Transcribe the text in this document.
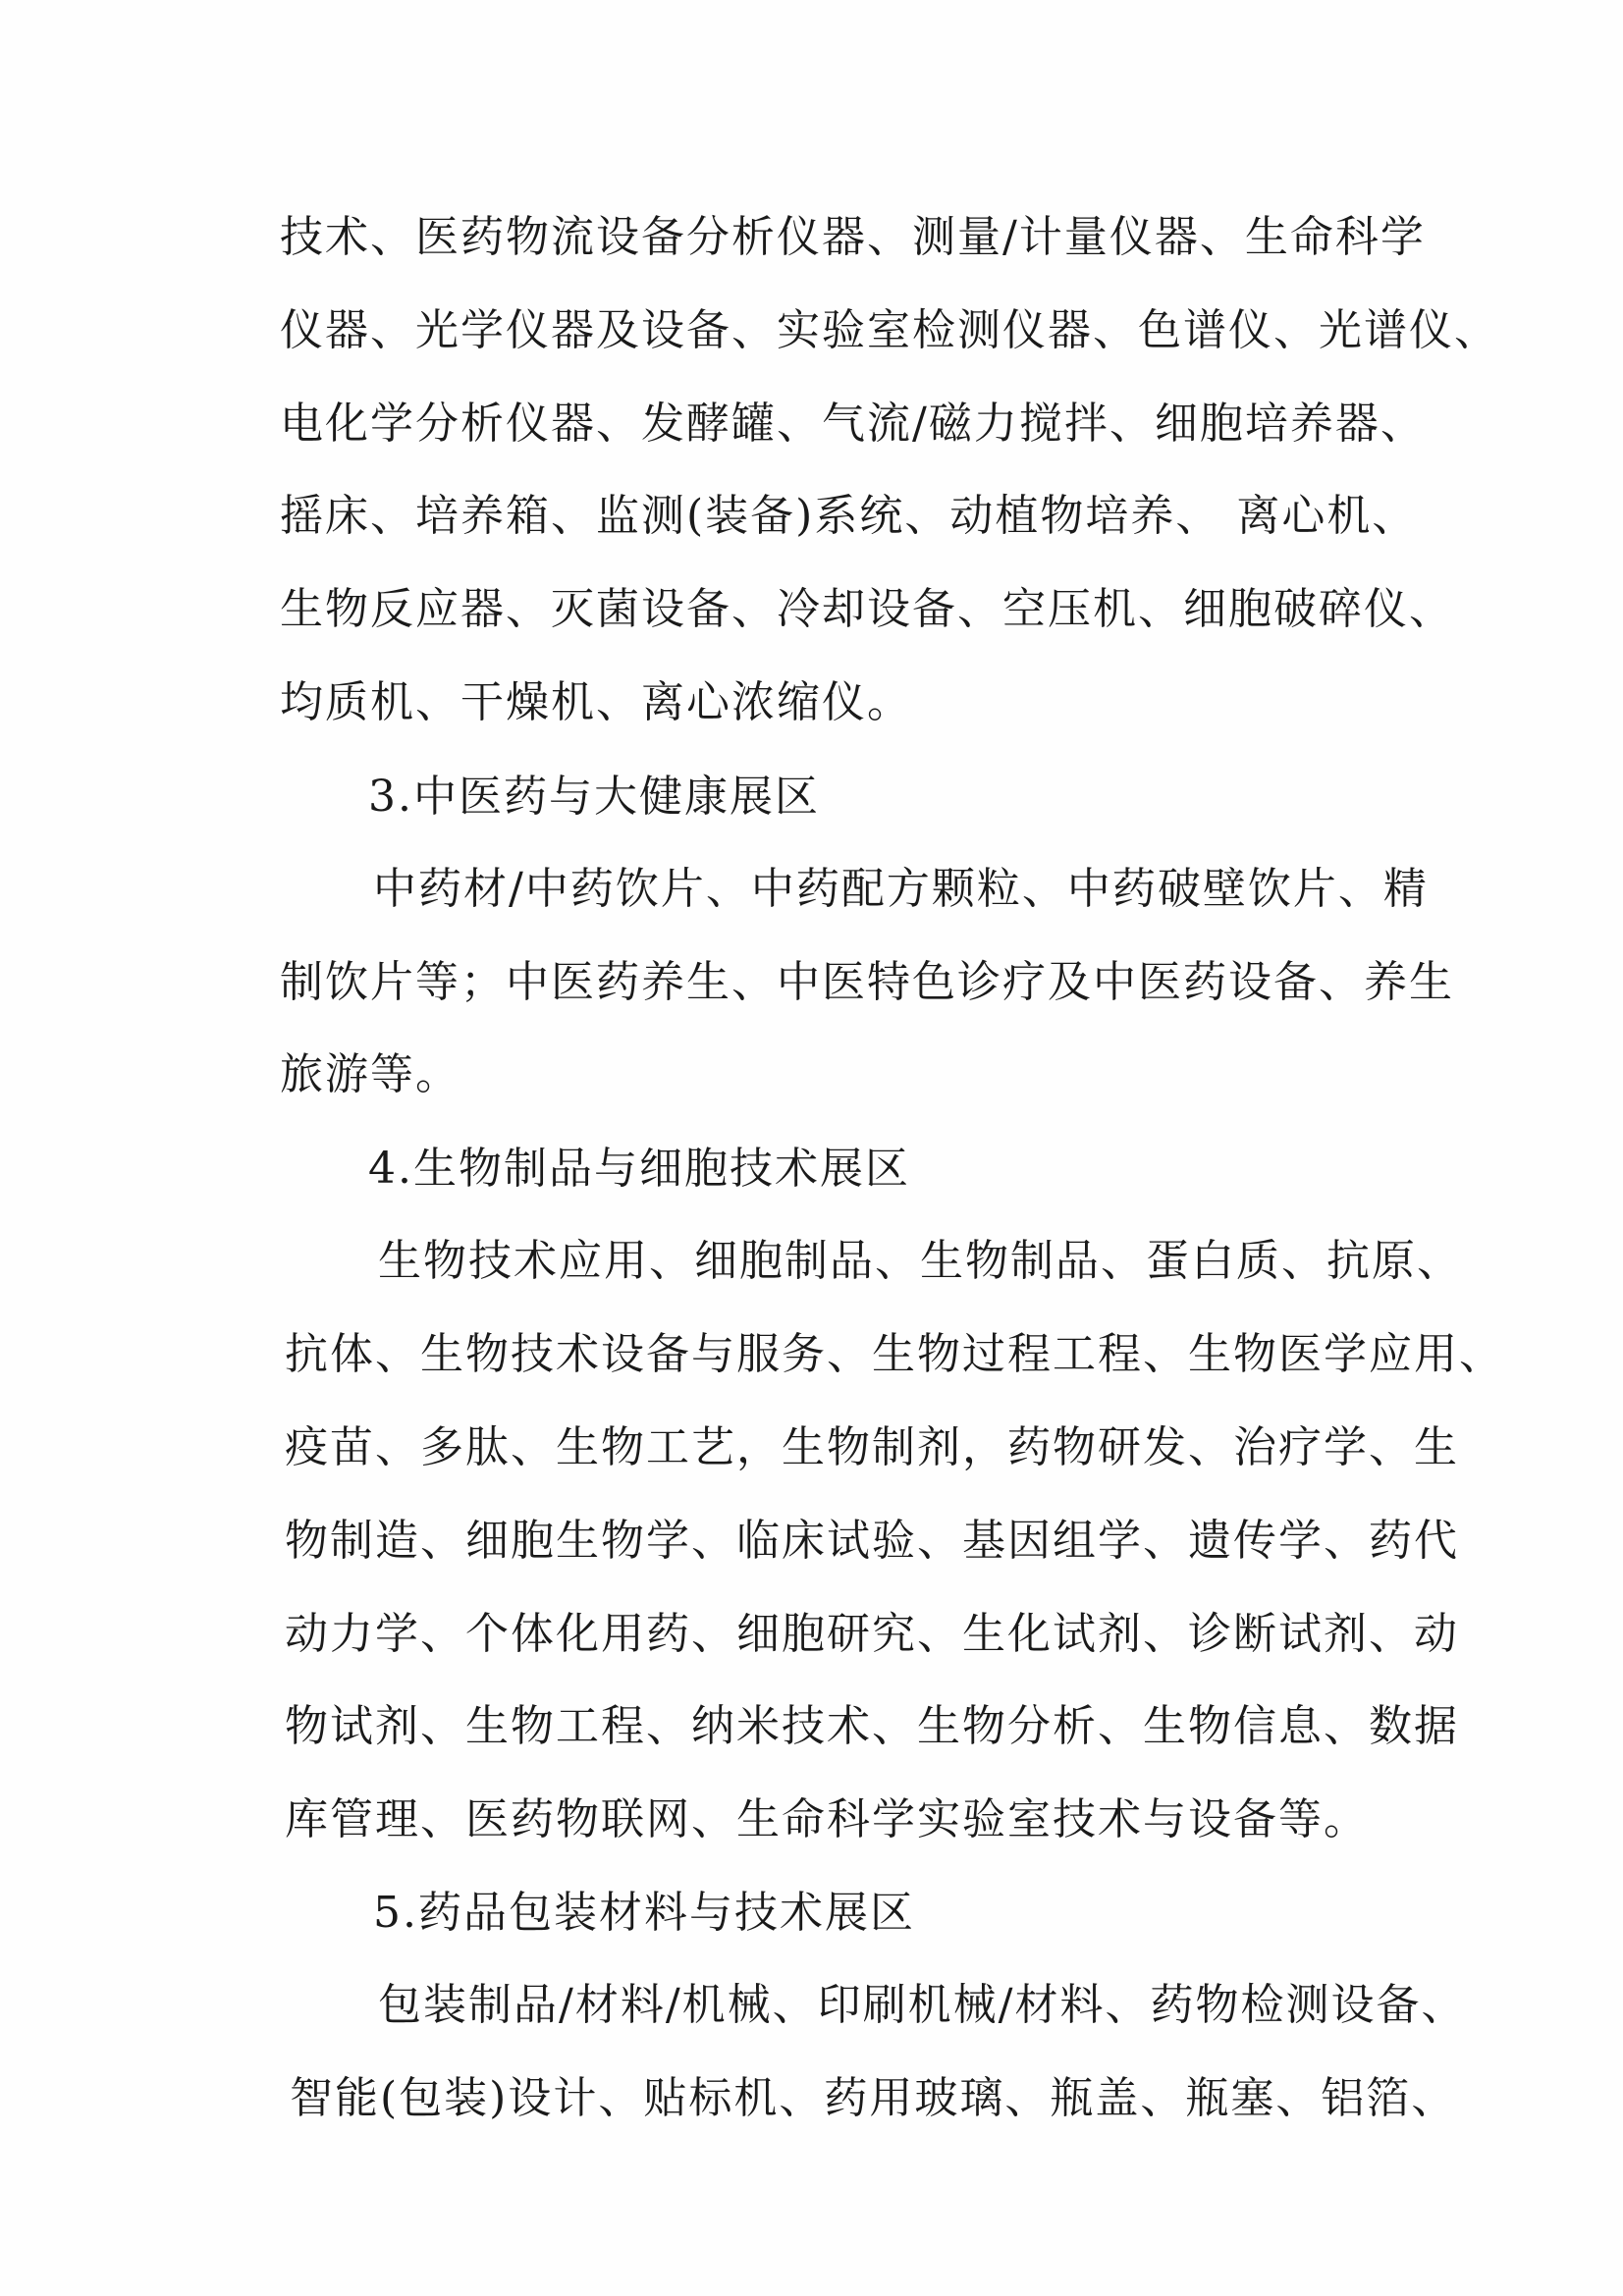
技术、医药物流设备分析仪器、测量/计量仪器、生命科学
仪器、光学仪器及设备、实验室检测仪器、色谱仪、光谱仪、
电化学分析仪器、发酵罐、气流/磁力搅拌、细胞培养器、
摇床、培养箱、监测(装备)系统、动植物培养、 离心机、
生物反应器、灭菌设备、冷却设备、空压机、细胞破碎仪、
均质机、干燥机、离心浓缩仪。
3.中医药与大健康展区
中药材/中药饮片、中药配方颗粒、中药破壁饮片、精
制饮片等；中医药养生、中医特色诊疗及中医药设备、养生
旅游等。
4.生物制品与细胞技术展区
生物技术应用、细胞制品、生物制品、蛋白质、抗原、
抗体、生物技术设备与服务、生物过程工程、生物医学应用、
疫苗、多肽、生物工艺，生物制剂，药物研发、治疗学、生
物制造、细胞生物学、临床试验、基因组学、遗传学、药代
动力学、个体化用药、细胞研究、生化试剂、诊断试剂、动
物试剂、生物工程、纳米技术、生物分析、生物信息、数据
库管理、医药物联网、生命科学实验室技术与设备等。
5.药品包装材料与技术展区
包装制品/材料/机械、印刷机械/材料、药物检测设备、
智能(包装)设计、贴标机、药用玻璃、瓶盖、瓶塞、铝箔、
